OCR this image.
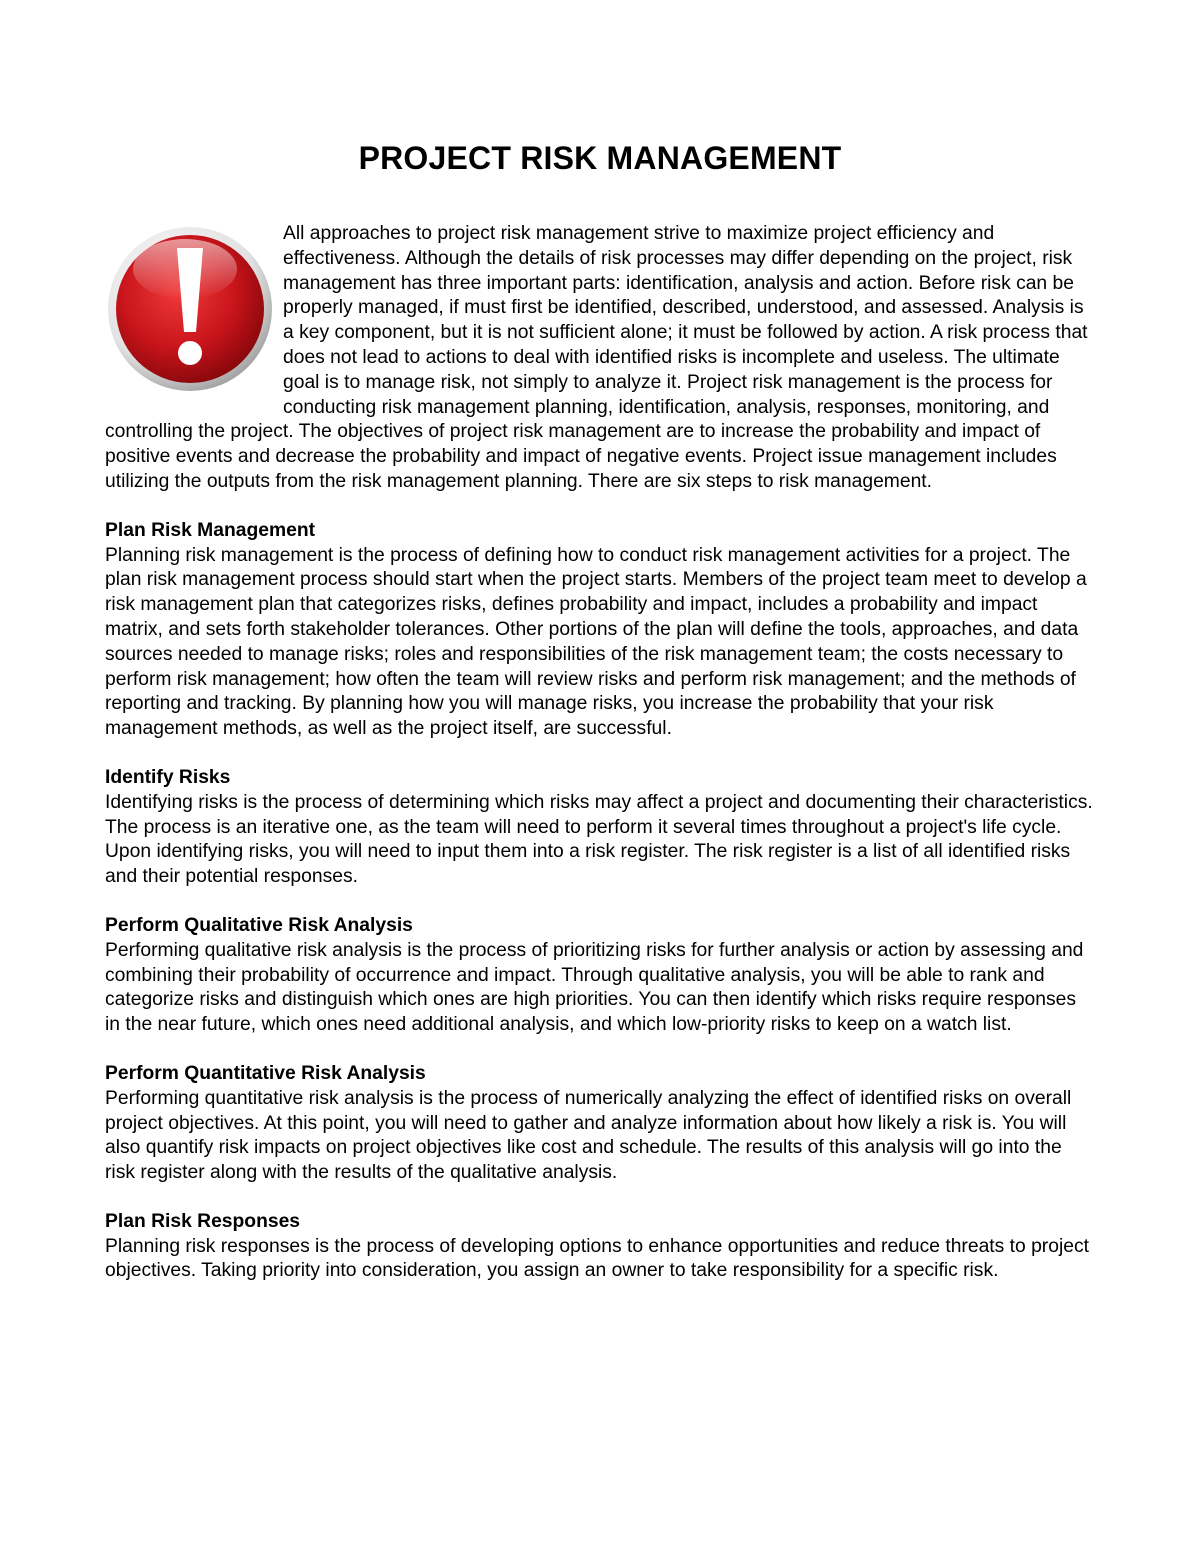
PROJECT RISK MANAGEMENT

All approaches to project risk management strive to maximize project efficiency and effectiveness. Although the details of risk processes may differ depending on the project, risk management has three important parts: identification, analysis and action. Before risk can be properly managed, if must first be identified, described, understood, and assessed. Analysis is a key component, but it is not sufficient alone; it must be followed by action. A risk process that does not lead to actions to deal with identified risks is incomplete and useless. The ultimate goal is to manage risk, not simply to analyze it. Project risk management is the process for conducting risk management planning, identification, analysis, responses, monitoring, and controlling the project. The objectives of project risk management are to increase the probability and impact of positive events and decrease the probability and impact of negative events. Project issue management includes utilizing the outputs from the risk management planning. There are six steps to risk management.

Plan Risk Management

Planning risk management is the process of defining how to conduct risk management activities for a project. The plan risk management process should start when the project starts. Members of the project team meet to develop a risk management plan that categorizes risks, defines probability and impact, includes a probability and impact matrix, and sets forth stakeholder tolerances. Other portions of the plan will define the tools, approaches, and data sources needed to manage risks; roles and responsibilities of the risk management team; the costs necessary to perform risk management; how often the team will review risks and perform risk management; and the methods of reporting and tracking. By planning how you will manage risks, you increase the probability that your risk management methods, as well as the project itself, are successful.

Identify Risks

Identifying risks is the process of determining which risks may affect a project and documenting their characteristics. The process is an iterative one, as the team will need to perform it several times throughout a project's life cycle. Upon identifying risks, you will need to input them into a risk register. The risk register is a list of all identified risks and their potential responses.

Perform Qualitative Risk Analysis

Performing qualitative risk analysis is the process of prioritizing risks for further analysis or action by assessing and combining their probability of occurrence and impact. Through qualitative analysis, you will be able to rank and categorize risks and distinguish which ones are high priorities. You can then identify which risks require responses in the near future, which ones need additional analysis, and which low-priority risks to keep on a watch list.

Perform Quantitative Risk Analysis

Performing quantitative risk analysis is the process of numerically analyzing the effect of identified risks on overall project objectives. At this point, you will need to gather and analyze information about how likely a risk is. You will also quantify risk impacts on project objectives like cost and schedule. The results of this analysis will go into the risk register along with the results of the qualitative analysis.

Plan Risk Responses

Planning risk responses is the process of developing options to enhance opportunities and reduce threats to project objectives. Taking priority into consideration, you assign an owner to take responsibility for a specific risk.
